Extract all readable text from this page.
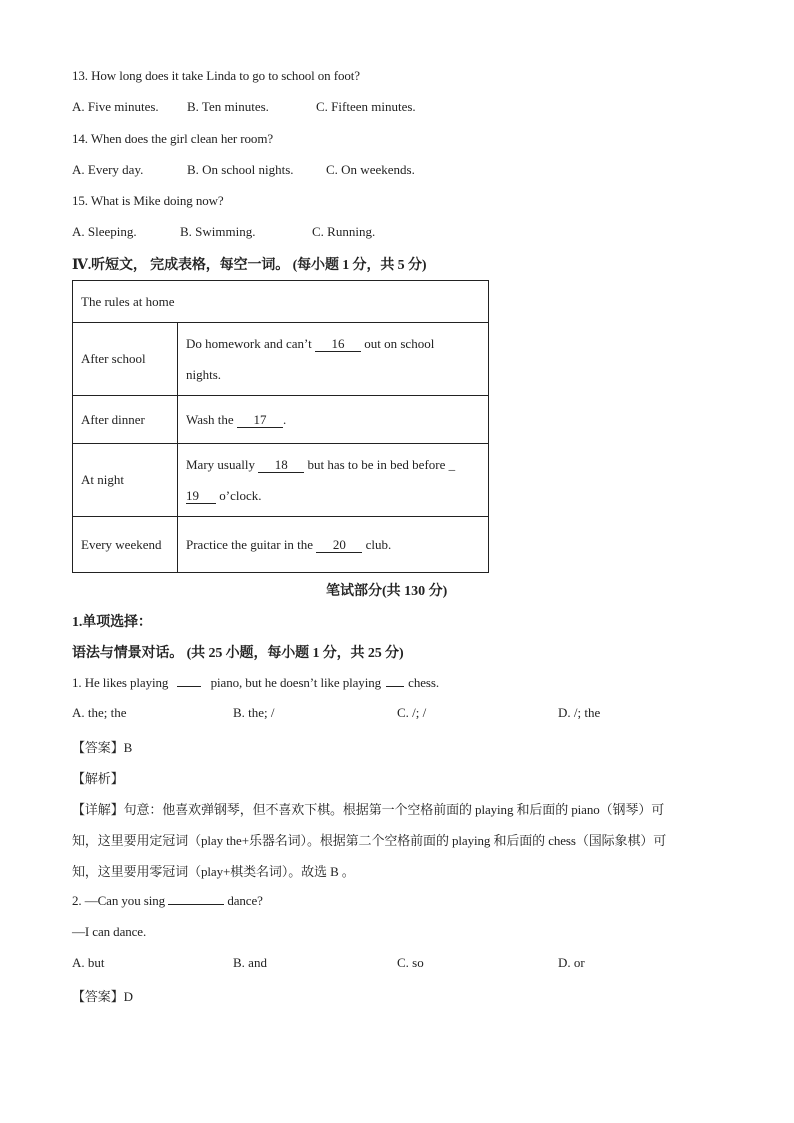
13. How long does it take Linda to go to school on foot?
A. Five minutes. B. Ten minutes.	C. Fifteen minutes.
14. When does the girl clean her room?
A. Every day.	B. On school nights. C. On weekends.
15. What is Mike doing now?
A. Sleeping.	B. Swimming.	C. Running.
Ⅳ.听短文， 完成表格，每空一词。 (每小题 1 分，共 5 分)
The rules at home	
After school	Do homework and can’t 16 out on school
nights.
After dinner	Wash the 17 .
At night	Mary usually 18 but has to be in bed before _
19 o’clock.
Every weekend	Practice the guitar in the 20 club.
笔试部分(共 130 分)
1.单项选择：
语法与情景对话。 (共 25 小题，每小题 1 分，共 25 分)
1. He likes playing	piano, but he doesn’t like playing chess.
A. the; the	B. the; /	C. /; /	D. /; the
【答案】B
【解析】
【详解】句意：他喜欢弹钢琴，但不喜欢下棋。根据第一个空格前面的 playing 和后面的 piano（钢琴）可
知，这里要用定冠词（play the+乐器名词）。根据第二个空格前面的 playing 和后面的 chess（国际象棋）可
知，这里要用零冠词（play+棋类名词）。故选 B 。
2. —Can you sing	dance?
—I can dance.
A. but	B. and	C. so	D. or
【答案】D
